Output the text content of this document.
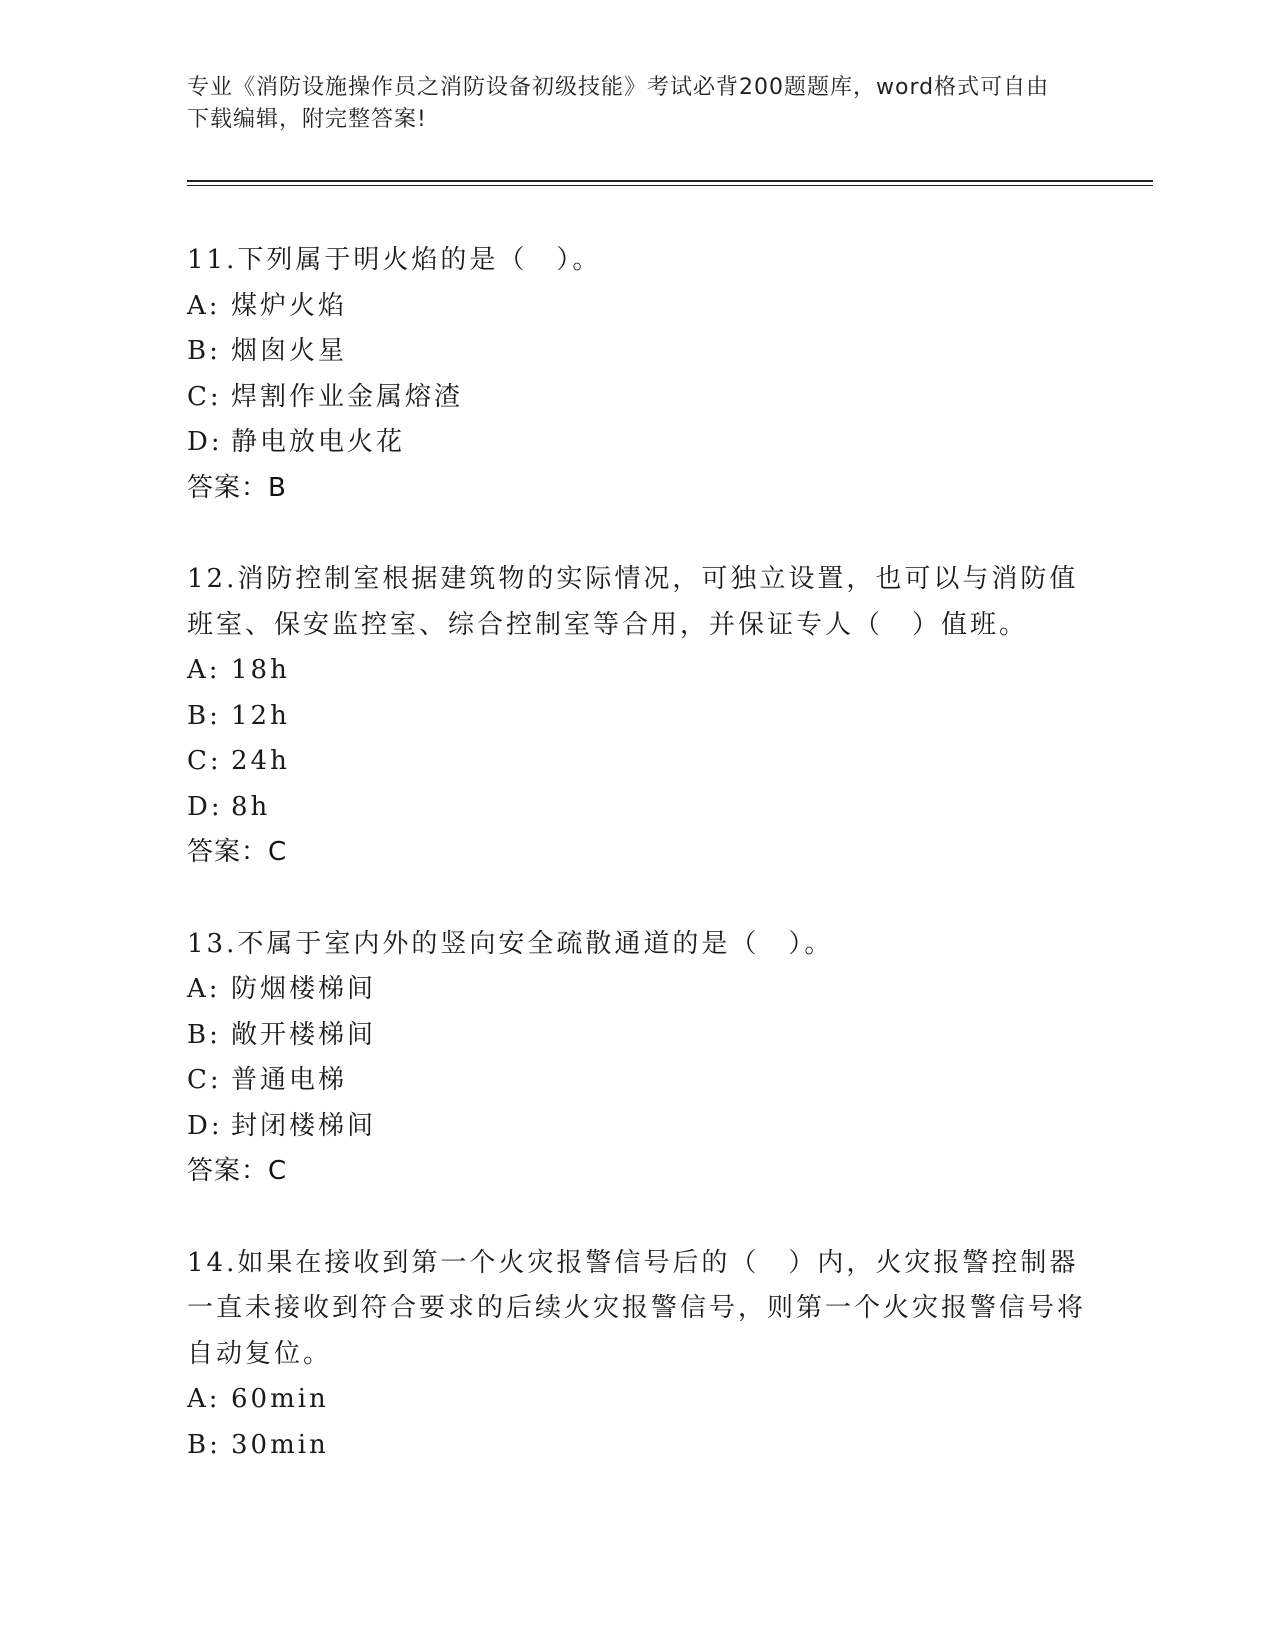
专业《消防设施操作员之消防设备初级技能》考试必背200题题库，word格式可自由下载编辑，附完整答案!

11.下列属于明火焰的是（　）。

A: 煤炉火焰

B: 烟囱火星

C: 焊割作业金属熔渣

D: 静电放电火花

答案：B

12.消防控制室根据建筑物的实际情况，可独立设置，也可以与消防值班室、保安监控室、综合控制室等合用，并保证专人（　）值班。

A: 18h

B: 12h

C: 24h

D: 8h

答案：C

13.不属于室内外的竖向安全疏散通道的是（　）。

A: 防烟楼梯间

B: 敞开楼梯间

C: 普通电梯

D: 封闭楼梯间

答案：C

14.如果在接收到第一个火灾报警信号后的（　）内，火灾报警控制器一直未接收到符合要求的后续火灾报警信号，则第一个火灾报警信号将自动复位。

A: 60min

B: 30min
